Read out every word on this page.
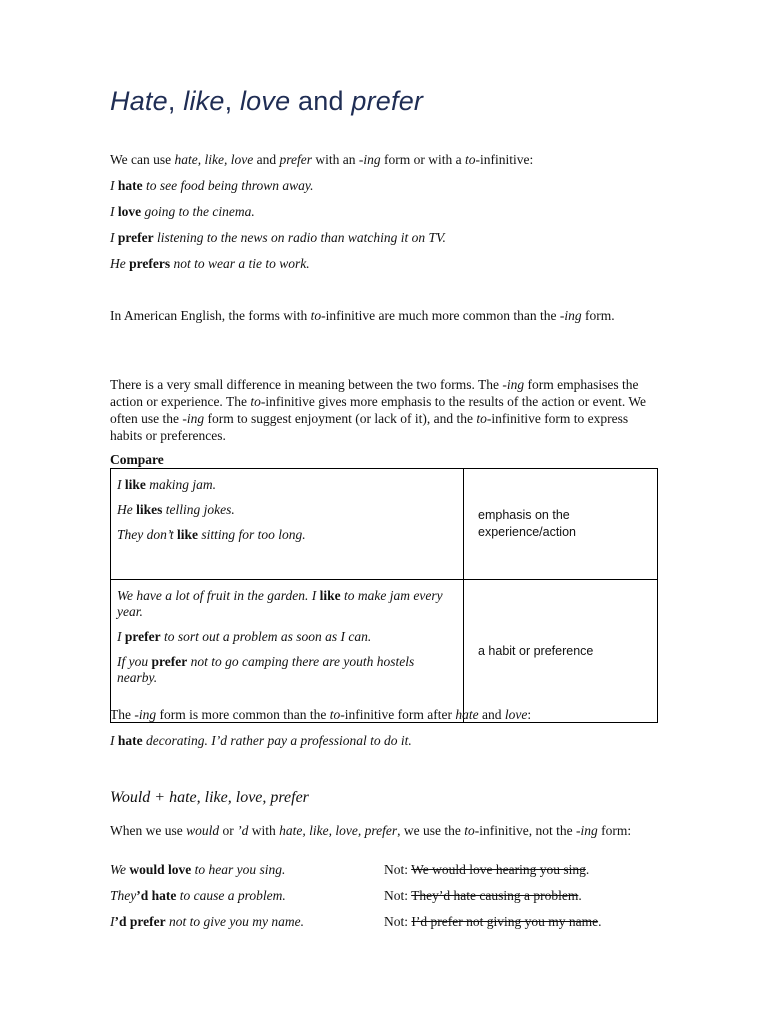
Hate, like, love and prefer

We can use hate, like, love and prefer with an -ing form or with a to-infinitive:

I hate to see food being thrown away.

I love going to the cinema.

I prefer listening to the news on radio than watching it on TV.

He prefers not to wear a tie to work.

In American English, the forms with to-infinitive are much more common than the -ing form.

There is a very small difference in meaning between the two forms. The -ing form emphasises the action or experience. The to-infinitive gives more emphasis to the results of the action or event. We often use the -ing form to suggest enjoyment (or lack of it), and the to-infinitive form to express habits or preferences.

Compare

I like making jam.

He likes telling jokes.

They don’t like sitting for too long.	emphasis on the experience/action

We have a lot of fruit in the garden. I like to make jam every year.

I prefer to sort out a problem as soon as I can.

If you prefer not to go camping there are youth hostels nearby.	a habit or preference

The -ing form is more common than the to-infinitive form after hate and love:

I hate decorating. I’d rather pay a professional to do it.

Would + hate, like, love, prefer

When we use would or ’d with hate, like, love, prefer, we use the to-infinitive, not the -ing form:

We would love to hear you sing.	Not: We would love hearing you sing.
They’d hate to cause a problem.	Not: They’d hate causing a problem.
I’d prefer not to give you my name.	Not: I’d prefer not giving you my name.
